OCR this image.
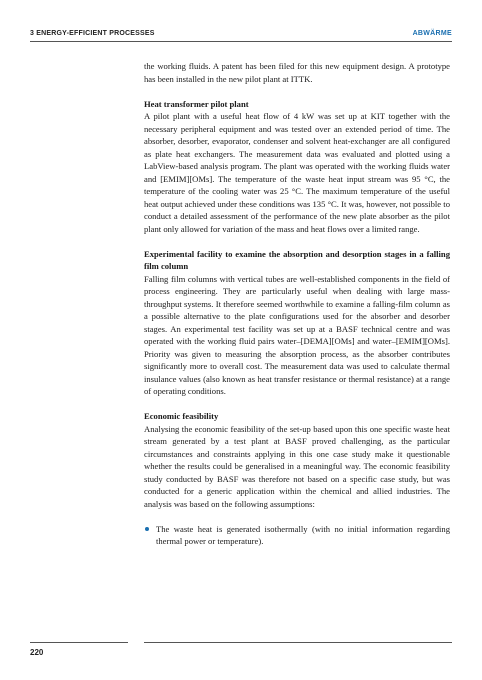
3 ENERGY-EFFICIENT PROCESSES	ABWÄRME

the working fluids. A patent has been filed for this new equipment design. A prototype has been installed in the new pilot plant at ITTK.

Heat transformer pilot plant

A pilot plant with a useful heat flow of 4 kW was set up at KIT together with the necessary peripheral equipment and was tested over an extended period of time. The absorber, desorber, evaporator, condenser and solvent heat-exchanger are all configured as plate heat exchangers. The measurement data was evaluated and plotted using a LabView-based analysis program. The plant was operated with the working fluids water and [EMIM][OMs]. The temperature of the waste heat input stream was 95 °C, the temperature of the cooling water was 25 °C. The maximum temperature of the useful heat output achieved under these conditions was 135 °C. It was, however, not possible to conduct a detailed assessment of the performance of the new plate absorber as the pilot plant only allowed for variation of the mass and heat flows over a limited range.

Experimental facility to examine the absorption and desorption stages in a falling film column

Falling film columns with vertical tubes are well-established components in the field of process engineering. They are particularly useful when dealing with large mass-throughput systems. It therefore seemed worthwhile to examine a falling-film column as a possible alternative to the plate configurations used for the absorber and desorber stages. An experimental test facility was set up at a BASF technical centre and was operated with the working fluid pairs water–[DEMA][OMs] and water–[EMIM][OMs]. Priority was given to measuring the absorption process, as the absorber contributes significantly more to overall cost. The measurement data was used to calculate thermal insulance values (also known as heat transfer resistance or thermal resistance) at a range of operating conditions.

Economic feasibility

Analysing the economic feasibility of the set-up based upon this one specific waste heat stream generated by a test plant at BASF proved challenging, as the particular circumstances and constraints applying in this one case study make it questionable whether the results could be generalised in a meaningful way. The economic feasibility study conducted by BASF was therefore not based on a specific case study, but was conducted for a generic application within the chemical and allied industries. The analysis was based on the following assumptions:

The waste heat is generated isothermally (with no initial information regarding thermal power or temperature).
220
